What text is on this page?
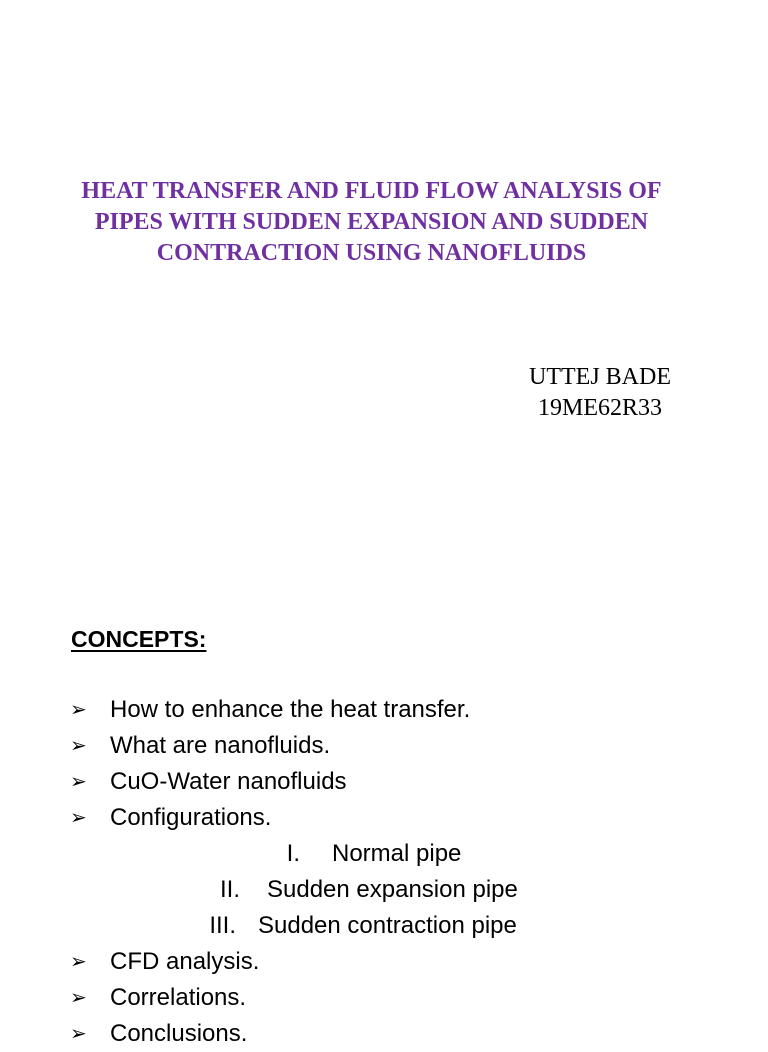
HEAT TRANSFER AND FLUID FLOW ANALYSIS OF
PIPES WITH SUDDEN EXPANSION AND SUDDEN
CONTRACTION USING NANOFLUIDS
UTTEJ BADE
19ME62R33
CONCEPTS:
➢ How to enhance the heat transfer.
➢ What are nanofluids.
➢ CuO-Water nanofluids
➢ Configurations.
I. Normal pipe
II. Sudden expansion pipe
III. Sudden contraction pipe
➢ CFD analysis.
➢ Correlations.
➢ Conclusions.
